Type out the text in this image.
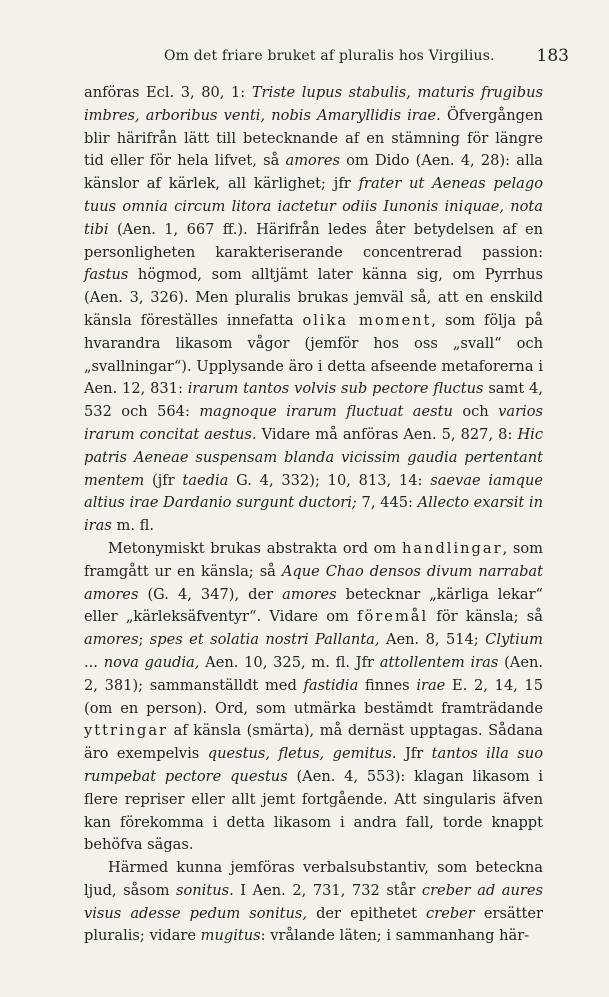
Om det friare bruket af pluralis hos Virgilius. 183

anföras Ecl. 3, 80, 1: Triste lupus stabulis, maturis frugibus imbres, arboribus venti, nobis Amaryllidis irae. Öfvergången blir härifrån lätt till betecknande af en stämning för längre tid eller för hela lifvet, så amores om Dido (Aen. 4, 28): alla känslor af kärlek, all kärlighet; jfr frater ut Aeneas pelago tuus omnia circum litora iactetur odiis Iunonis iniquae, nota tibi (Aen. 1, 667 ff.). Härifrån ledes åter betydelsen af en personligheten karakteriserande concentrerad passion: fastus högmod, som alltjämt later känna sig, om Pyrrhus (Aen. 3, 326). Men pluralis brukas jemväl så, att en enskild känsla föreställes innefatta olika moment, som följa på hvarandra likasom vågor (jemför hos oss „svall“ och „svallningar“). Upplysande äro i detta afseende metaforerna i Aen. 12, 831: irarum tantos volvis sub pectore fluctus samt 4, 532 och 564: magnoque irarum fluctuat aestu och varios irarum concitat aestus. Vidare må anföras Aen. 5, 827, 8: Hic patris Aeneae suspensam blanda vicissim gaudia pertentant mentem (jfr taedia G. 4, 332); 10, 813, 14: saevae iamque altius irae Dardanio surgunt ductori; 7, 445: Allecto exarsit in iras m. fl.

Metonymiskt brukas abstrakta ord om handlingar, som framgått ur en känsla; så Aque Chao densos divum narrabat amores (G. 4, 347), der amores betecknar „kärliga lekar“ eller „kärleksäfventyr“. Vidare om föremål för känsla; så amores; spes et solatia nostri Pallanta, Aen. 8, 514; Clytium ... nova gaudia, Aen. 10, 325, m. fl. Jfr attollentem iras (Aen. 2, 381); sammanställdt med fastidia finnes irae E. 2, 14, 15 (om en person). Ord, som utmärka bestämdt framträdande yttringar af känsla (smärta), må dernäst upptagas. Sådana äro exempelvis questus, fletus, gemitus. Jfr tantos illa suo rumpebat pectore questus (Aen. 4, 553): klagan likasom i flere repriser eller allt jemt fortgående. Att singularis äfven kan förekomma i detta likasom i andra fall, torde knappt behöfva sägas.

Härmed kunna jemföras verbalsubstantiv, som beteckna ljud, såsom sonitus. I Aen. 2, 731, 732 står creber ad aures visus adesse pedum sonitus, der epithetet creber ersätter pluralis; vidare mugitus: vrålande läten; i sammanhang här-
